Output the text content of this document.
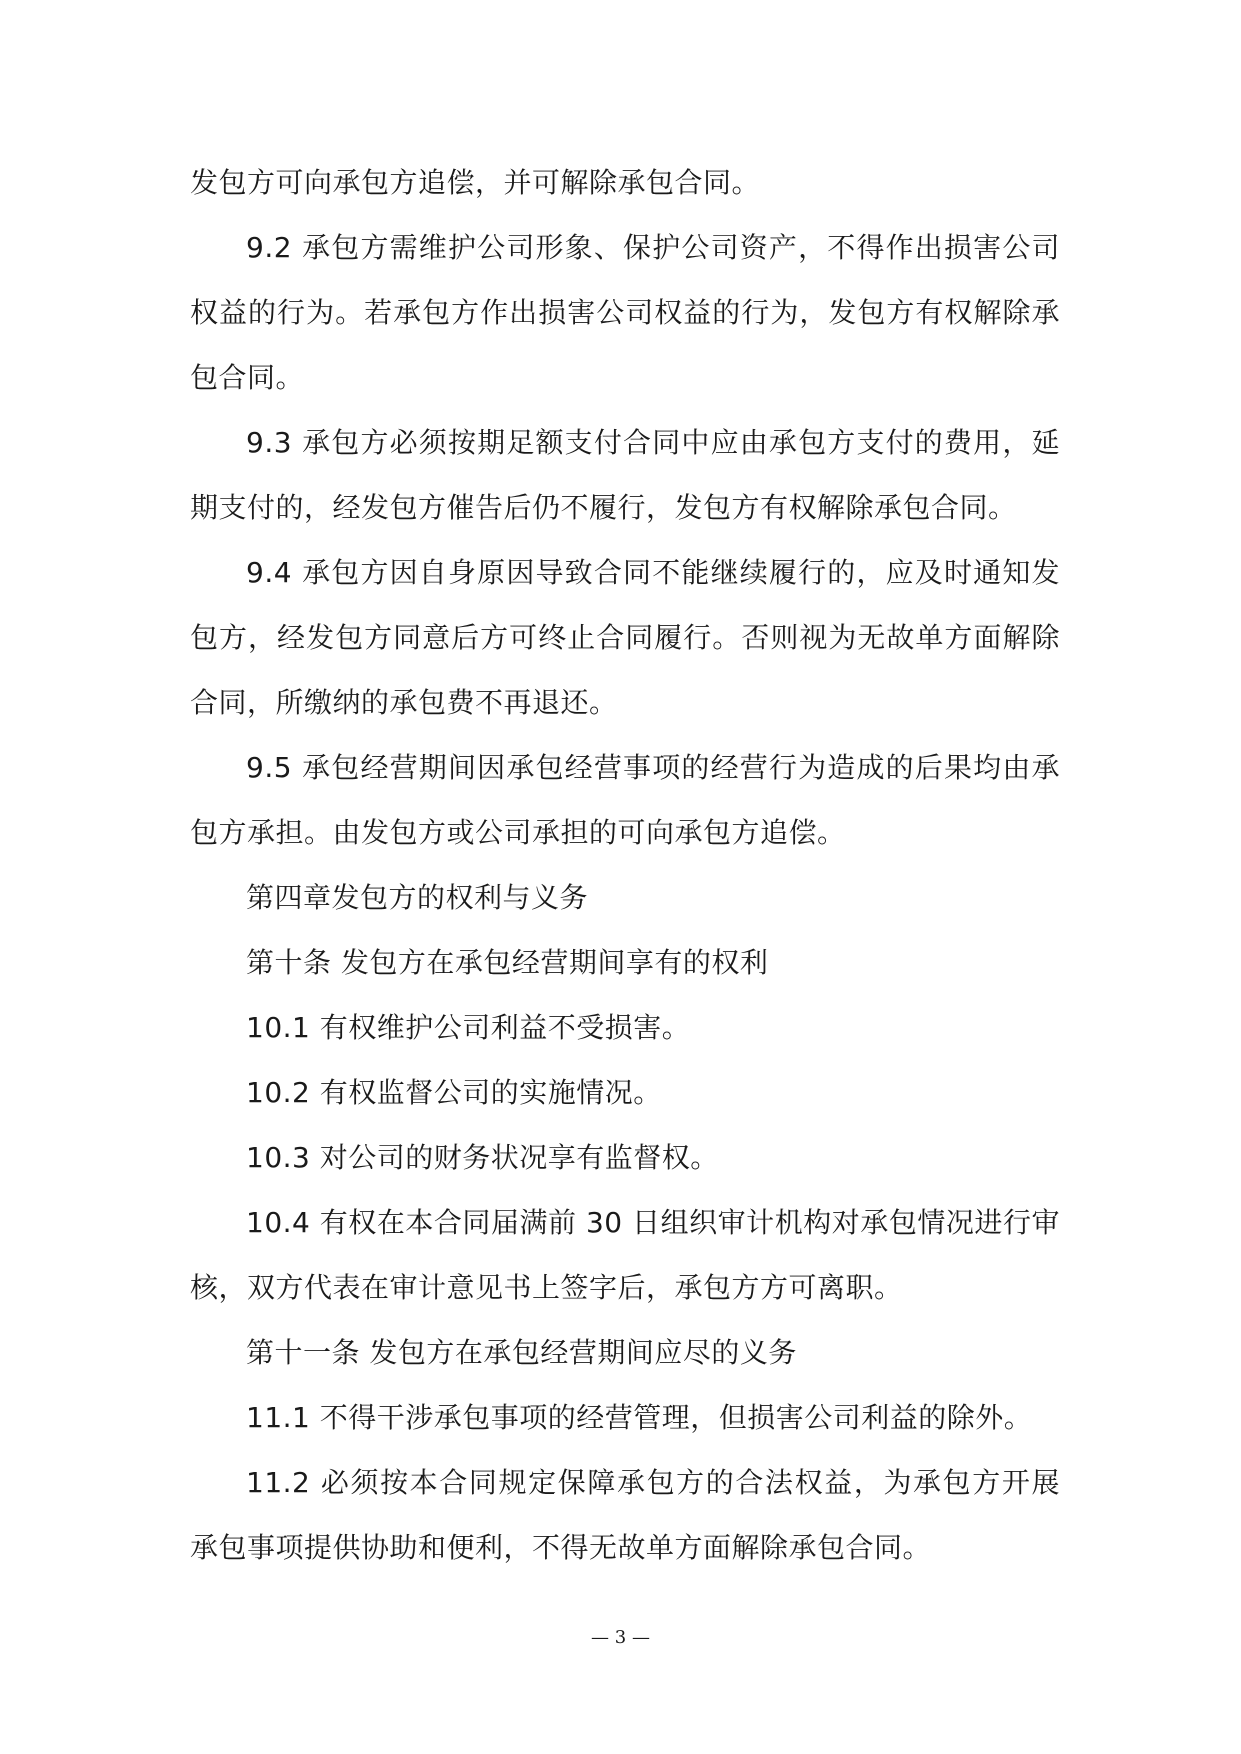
发包方可向承包方追偿，并可解除承包合同。

9.2 承包方需维护公司形象、保护公司资产，不得作出损害公司权益的行为。若承包方作出损害公司权益的行为，发包方有权解除承包合同。

9.3 承包方必须按期足额支付合同中应由承包方支付的费用，延期支付的，经发包方催告后仍不履行，发包方有权解除承包合同。

9.4 承包方因自身原因导致合同不能继续履行的，应及时通知发包方，经发包方同意后方可终止合同履行。否则视为无故单方面解除合同，所缴纳的承包费不再退还。

9.5 承包经营期间因承包经营事项的经营行为造成的后果均由承包方承担。由发包方或公司承担的可向承包方追偿。

第四章发包方的权利与义务

第十条 发包方在承包经营期间享有的权利

10.1 有权维护公司利益不受损害。

10.2 有权监督公司的实施情况。

10.3 对公司的财务状况享有监督权。

10.4 有权在本合同届满前 30 日组织审计机构对承包情况进行审核，双方代表在审计意见书上签字后，承包方方可离职。

第十一条 发包方在承包经营期间应尽的义务

11.1 不得干涉承包事项的经营管理，但损害公司利益的除外。

11.2 必须按本合同规定保障承包方的合法权益，为承包方开展承包事项提供协助和便利，不得无故单方面解除承包合同。

— 3 —
